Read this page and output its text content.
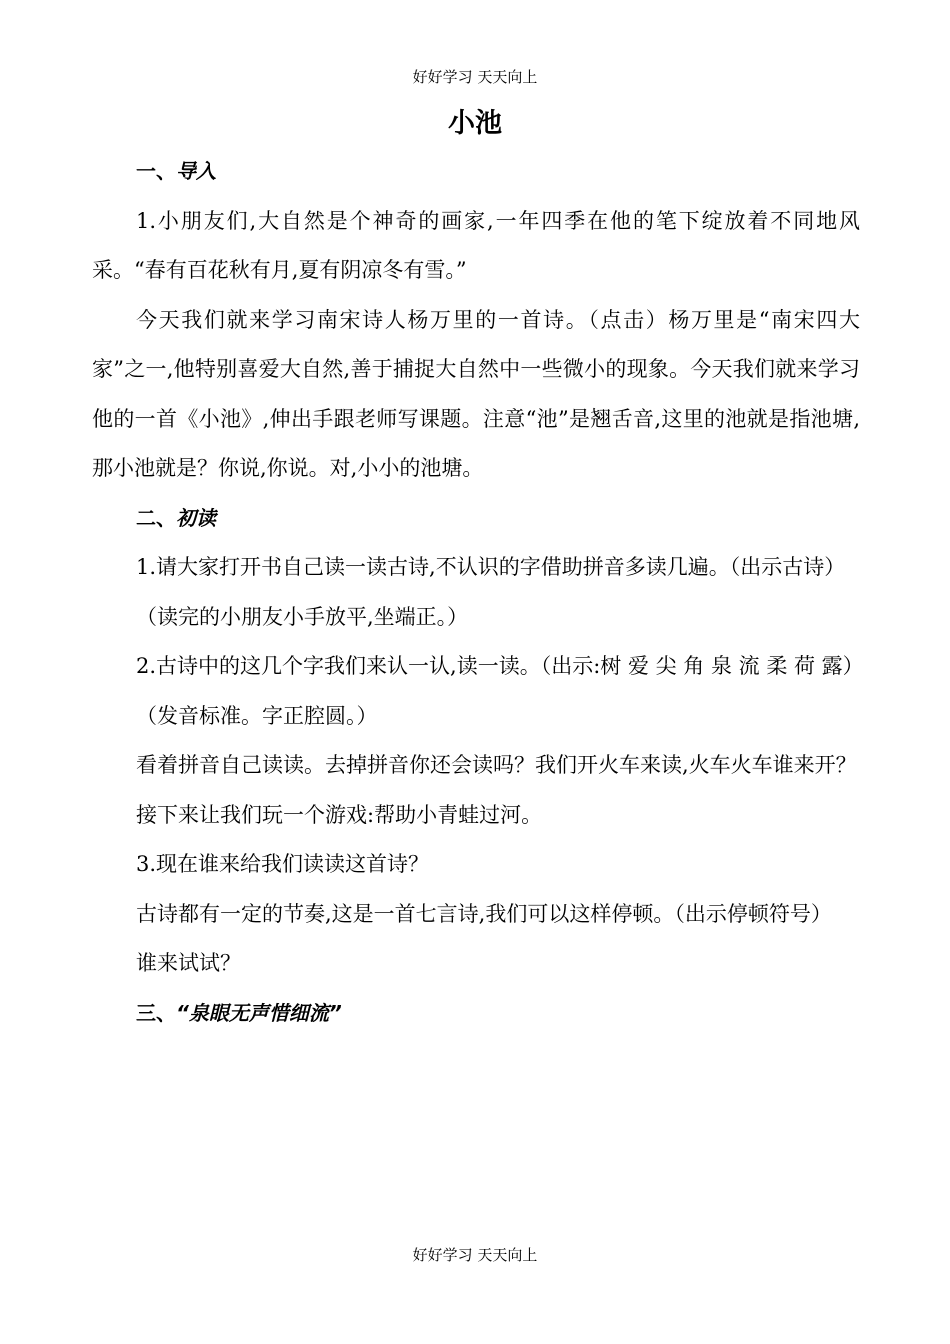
好好学习 天天向上
小池
一、导入

1.小朋友们,大自然是个神奇的画家,一年四季在他的笔下绽放着不同地风采。“春有百花秋有月,夏有阴凉冬有雪。”

今天我们就来学习南宋诗人杨万里的一首诗。（点击）杨万里是“南宋四大家”之一,他特别喜爱大自然,善于捕捉大自然中一些微小的现象。今天我们就来学习他的一首《小池》,伸出手跟老师写课题。注意“池”是翘舌音,这里的池就是指池塘,那小池就是？你说,你说。对,小小的池塘。

二、初读

1.请大家打开书自己读一读古诗,不认识的字借助拼音多读几遍。（出示古诗）

（读完的小朋友小手放平,坐端正。）

2.古诗中的这几个字我们来认一认,读一读。（出示:树 爱 尖 角 泉 流 柔 荷 露）

（发音标准。字正腔圆。）

看着拼音自己读读。去掉拼音你还会读吗？我们开火车来读,火车火车谁来开？

接下来让我们玩一个游戏:帮助小青蛙过河。

3.现在谁来给我们读读这首诗？

古诗都有一定的节奏,这是一首七言诗,我们可以这样停顿。（出示停顿符号）

谁来试试？

三、“泉眼无声惜细流”
好好学习 天天向上
